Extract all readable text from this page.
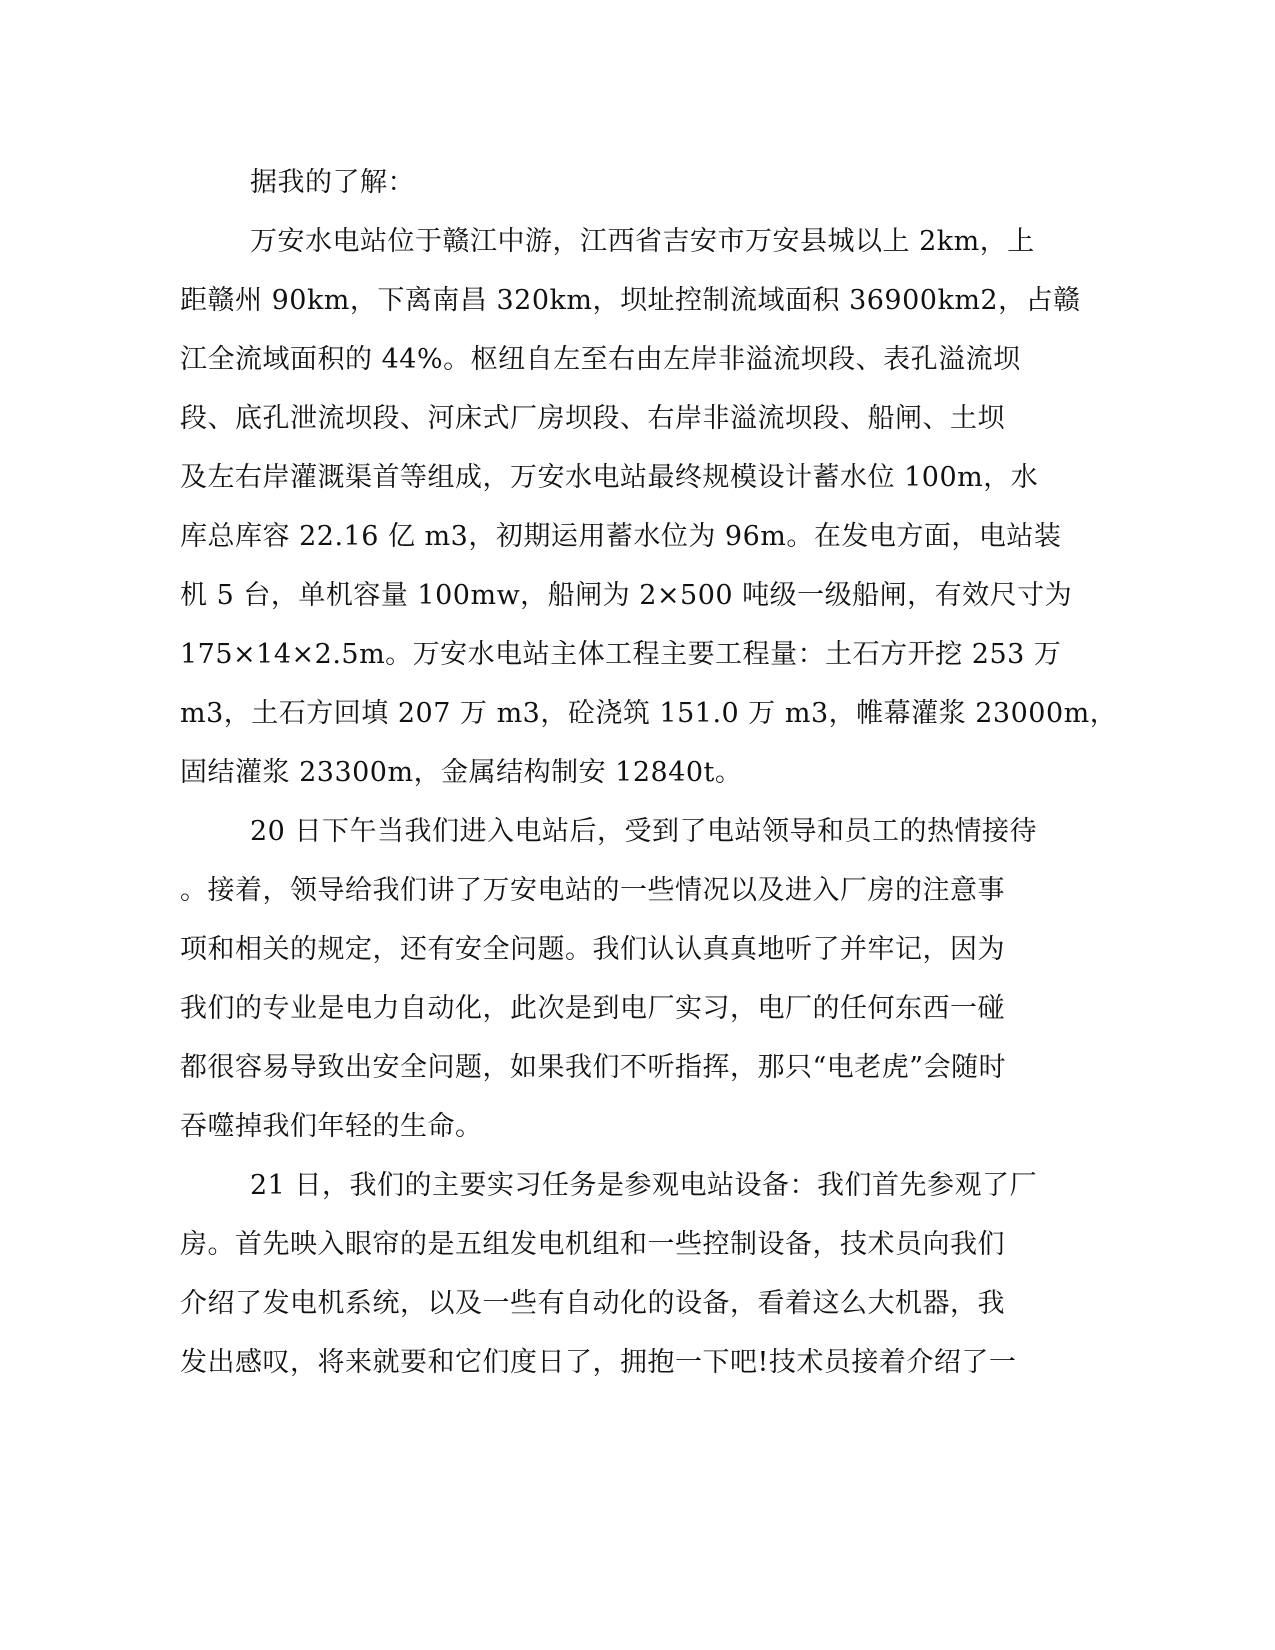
据我的了解：
万安水电站位于赣江中游，江西省吉安市万安县城以上 2km，上
距赣州 90km，下离南昌 320km，坝址控制流域面积 36900km2，占赣
江全流域面积的 44%。枢纽自左至右由左岸非溢流坝段、表孔溢流坝
段、底孔泄流坝段、河床式厂房坝段、右岸非溢流坝段、船闸、土坝
及左右岸灌溉渠首等组成，万安水电站最终规模设计蓄水位 100m，水
库总库容 22.16 亿 m3，初期运用蓄水位为 96m。在发电方面，电站装
机 5 台，单机容量 100mw，船闸为 2×500 吨级一级船闸，有效尺寸为
175×14×2.5m。万安水电站主体工程主要工程量：土石方开挖 253 万
m3，土石方回填 207 万 m3，砼浇筑 151.0 万 m3，帷幕灌浆 23000m，
固结灌浆 23300m，金属结构制安 12840t。
20 日下午当我们进入电站后，受到了电站领导和员工的热情接待
。接着，领导给我们讲了万安电站的一些情况以及进入厂房的注意事
项和相关的规定，还有安全问题。我们认认真真地听了并牢记，因为
我们的专业是电力自动化，此次是到电厂实习，电厂的任何东西一碰
都很容易导致出安全问题，如果我们不听指挥，那只“电老虎”会随时
吞噬掉我们年轻的生命。
21 日，我们的主要实习任务是参观电站设备：我们首先参观了厂
房。首先映入眼帘的是五组发电机组和一些控制设备，技术员向我们
介绍了发电机系统，以及一些有自动化的设备，看着这么大机器，我
发出感叹，将来就要和它们度日了，拥抱一下吧!技术员接着介绍了一
